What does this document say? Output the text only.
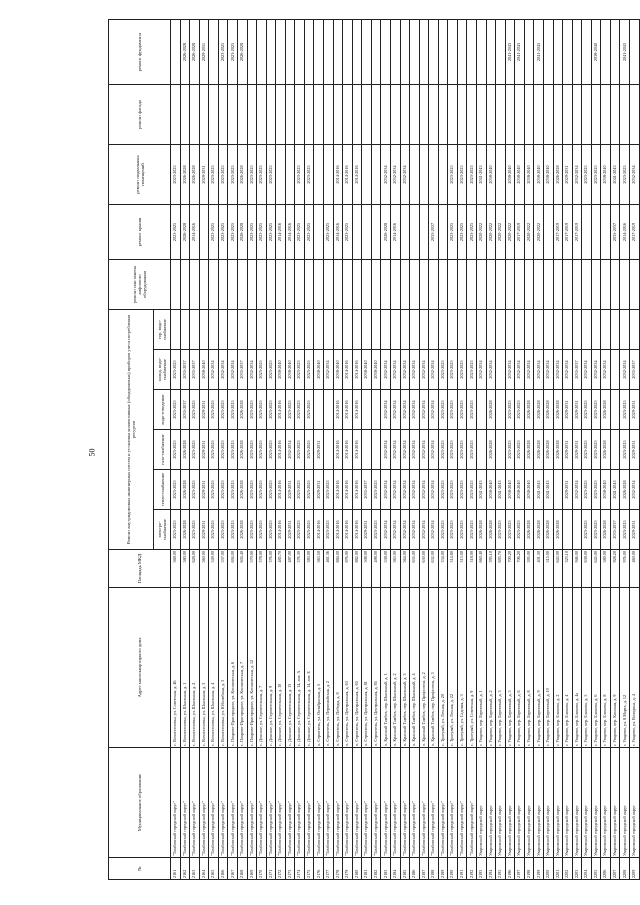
50
№	Муниципальное образование	Адрес многоквартирного дома	Площадь МКД	Ремонт внутридомовых инженерных систем и установка коллективных (общедомовых) приборов учета потребления ресурсов						ремонт или замена лифтового оборудования	ремонт крыши	ремонт подвальных помещений	ремонт фасада	ремонт фундамента
				электро-снабжение	тепло-снабжение	газо-снабжение	водо-отведение	холод. водо-снабжение	гор. водо-снабжение					
2161	"Тамбовский городской округ"	с. Вознесеновка, ул. Советская, д. 46	568.00	2023-2025	2023-2025	2023-2025	2023-2025	2023-2025			2023-2025	2023-2025		
2162	"Тамбовский городской округ"	с. Вознесеновка, ул. Школьная, д. 1	580.00	2026-2028	2026-2028	2026-2028	2035-2037	2035-2037			2026-2028	2026-2028		2026-2028
2163	"Тамбовский городской округ"	с. Вознесеновка, ул. Школьная, д. 2	628.00	2023-2025	2023-2025	2023-2025	2023-2025	2035-2037			2014-2016	2026-2028		2026-2028
2164	"Тамбовский городской округ"	с. Вознесеновка, ул. Школьная, д. 3	560.00	2029-2031	2029-2031	2029-2031	2029-2031	2038-2040				2029-2031		2029-2031
2165	"Тамбовский городской округ"	с. Вознесеновка, ул. Школьная, д. 4	549.00	2023-2025	2023-2025	2023-2025	2023-2025	2032-2034			2023-2025	2023-2025		
2166	"Тамбовский городской округ"	с. Вознесеновка, ул. Юбилейная, д. 3	537.00	2023-2025	2023-2025	2023-2025	2023-2025	2032-2034			2023-2025	2023-2025		2023-2025
2167	"Тамбовский городской округ"	с. Покрово-Пригородное, ул. Космическая, д. 6	694.00	2023-2025	2023-2025	2023-2025	2023-2025	2032-2034			2023-2025	2023-2025		2023-2025
2168	"Тамбовский городской округ"	с. Покрово-Пригородное, ул. Космическая, д. 7	604.40	2026-2028	2026-2028	2026-2028	2026-2028	2035-2037			2026-2028	2026-2028		2026-2028
2169	"Тамбовский городской округ"	с. Покрово-Пригородное, ул. Космическая, д. 12	570.00	2023-2025	2023-2025	2023-2025	2023-2025	2032-2034			2023-2025	2023-2025		
2170	"Тамбовский городской округ"	с. Донское, ул. Строительная, д. 7	378.00	2023-2025	2023-2025	2023-2025	2023-2025	2023-2025			2023-2025	2023-2025		
2171	"Тамбовский городской округ"	с. Донское, ул. Строительная, д. 9	376.00	2023-2025	2023-2025	2023-2025	2023-2025	2023-2025			2023-2025	2023-2025		
2172	"Тамбовский городской округ"	с. Донское, ул. Строительная, д. 10	485.70	2014-2016	2014-2016	2014-2016	2014-2016	2038-2040			2014-2016			
2173	"Тамбовский городской округ"	с. Донское, ул. Строительная, д. 13	487.00	2029-2031	2029-2031	2032-2034	2023-2025	2038-2040			2014-2016			
2174	"Тамбовский городской округ"	с. Донское, ул. Строительная, д. 14, лит. А	376.30	2023-2025	2023-2025	2023-2025	2023-2025	2023-2025			2023-2025	2023-2025		
2175	"Тамбовский городской округ"	с. Донское, ул. Строительная, д. 14, лит. Б	383.00	2023-2025	2023-2025	2023-2025	2023-2025	2023-2025			2023-2025	2023-2025		
2176	"Тамбовский городской округ"	п. Строитель, ул. Октябрьская, д. 5	563.50	2014-2016	2029-2031	2029-2031		2038-2040						
2177	"Тамбовский городской округ"	п. Строитель, ул. Первомайская, д. 2	461.36	2023-2025	2023-2025			2032-2034			2023-2025			
2178	"Тамбовский городской округ"	п. Строитель, ул. Победы, д. 8	884.00	2014-2016	2014-2016	2014-2016	2014-2016	2038-2040			2014-2016	2014-2016		
2179	"Тамбовский городской округ"	п. Строитель, ул. Центральная, д. 63	876.00	2014-2016	2014-2016	2014-2016	2014-2016	2014-2016			2023-2025	2014-2016		
2180	"Тамбовский городской округ"	п. Строитель, ул. Центральная, д. 65	882.00	2014-2016	2014-2016	2014-2016	2014-2016	2014-2016				2014-2016		
2181	"Тамбовский городской округ"	п. Строитель, ул. Центральная, д. 81	508.00	2029-2031	2035-2037			2038-2040						
2182	"Тамбовский городской округ"	п. Строитель, ул. Центральная, д. 85	498.00	2023-2025	2023-2025			2038-2040						
2183	"Тамбовский городской округ"	п. Красный Тамбов, пер. Школьный, д. 1	538.00	2032-2034	2032-2034	2032-2034	2032-2034	2032-2034			2026-2028	2032-2034		
2184	"Тамбовский городской округ"	п. Красный Тамбов, пер. Школьный, д. 2	563.00	2032-2034	2032-2034	2032-2034	2032-2034	2032-2034			2014-2016	2032-2034		
2185	"Тамбовский городской округ"	п. Красный Тамбов, пер. Школьный, д. 3	564.00	2032-2034	2032-2034	2032-2034	2032-2034	2032-2034				2032-2034		
2186	"Тамбовский городской округ"	п. Красный Тамбов, пер. Школьный, д. 4	635.00	2032-2034	2032-2034	2032-2034	2032-2034	2032-2034						
2187	"Тамбовский городской округ"	п. Красный Тамбов, пер. Профсоюза, д. 2	630.00	2032-2034	2032-2034	2032-2034	2032-2034	2032-2034						
2188	"Тамбовский городской округ"	п. Красный Тамбов, пер. Профсоюза, д. 3	632.00	2032-2034	2032-2034	2032-2034	2032-2034	2032-2034			2035-2037			
2189	"Тамбовский городской округ"	с. Тригуляй, ул. Лесная, д. 20	334.00	2023-2025	2023-2025	2023-2025	2023-2025	2023-2025						
2190	"Тамбовский городской округ"	с. Тригуляй, ул. Лесная, д. 22	314.80	2023-2025	2023-2025	2023-2025	2023-2025	2023-2025			2023-2025	2023-2025		
2191	"Тамбовский городской округ"	с. Тригуляй, ул. Садовая, д. 3	313.00	2023-2025	2023-2025	2023-2025	2023-2025	2023-2025			2023-2025	2023-2025		
2192	"Тамбовский городской округ"	с. Тригуляй, ул. Советская, д. 9	318.00	2023-2025	2023-2025	2023-2025	2023-2025	2023-2025			2023-2025	2023-2025		
2193	Уваровский городской округ	г. Уварово, пер. Березовый, д. 1	660.40	2026-2028	2041-2043			2032-2034			2020-2022	2041-2043		
2194	Уваровский городской округ	г. Уварово, пер. Березовый, д. 2	395.10	2026-2028	2038-2040	2026-2028	2026-2028	2032-2034			2020-2022	2038-2040		
2195	Уваровский городской округ	г. Уварово, пер. Березовый, д. 3	695.70	2023-2025	2041-2043						2020-2022			
2196	Уваровский городской округ	г. Уварово, пер. Березовый, д. 5	700.20	2023-2025	2038-2040	2023-2025	2023-2025	2032-2034			2020-2022	2038-2040		2041-2043
2197	Уваровский городской округ	г. Уварово, пер. Березовый, д. 6	706.20	2023-2025	2038-2040	2023-2025	2023-2025	2032-2034			2017-2019	2038-2040		2041-2043
2198	Уваровский городской округ	г. Уварово, пер. Березовый, д. 8	395.00	2026-2028	2038-2040	2026-2028	2026-2028	2032-2034			2020-2022	2038-2040		
2199	Уваровский городской округ	г. Уварово, пер. Березовый, д. 9	401.30	2026-2028	2041-2043	2026-2028	2026-2028	2032-2034			2020-2022	2038-2040		2041-2043
2200	Уваровский городской округ	г. Уварово, пер. Березовый, д. 10	515.00	2026-2028	2041-2043	2026-2028	2026-2028	2032-2034				2038-2040		
2201	Уваровский городской округ	г. Уварово, пер. Блинова, д. 2	643.00	2026-2028		2026-2028	2026-2028	2032-2034			2017-2019	2026-2028		
2202	Уваровский городской округ	г. Уварово, пер. Блинова, д. 4	323.10		2029-2031	2029-2031	2029-2031	2032-2034			2017-2019	2029-2031		
2203	Уваровский городской округ	г. Уварово, пер. Блинова, д. 4а	946.00		2032-2034	2029-2031	2029-2031	2035-2037			2017-2019	2032-2034		
2204	Уваровский городской округ	г. Уварово, пер. Блинова, д. 5	638.00	2023-2025	2023-2025	2023-2025	2023-2025	2032-2034				2023-2025		
2205	Уваровский городской округ	г. Уварово, пер. Блинова, д. 6	645.00	2023-2025	2023-2025	2023-2025	2023-2025	2032-2034				2023-2025		2038-2040
2206	Уваровский городской округ	г. Уварово, пер. Блинова, д. 8	580.00	2026-2028	2038-2040	2026-2028	2026-2028	2032-2034				2038-2040		
2207	Уваровский городской округ	г. Уварово, пер. Кинская, д. 9	928.20	2035-2037	2041-2043						2035-2037	2041-2043		
2208	Уваровский городской округ	г. Уварово, ул. 8 Марта, д. 12	976.00	2023-2025	2026-2028	2023-2025	2023-2025	2032-2034			2014-2016	2023-2025		2041-2043
2209	Уваровский городской округ	г. Уварово, ул. Володина, д. 4	460.00	2029-2031	2032-2034	2029-2031	2029-2031	2035-2037			2017-2019	2032-2034		
